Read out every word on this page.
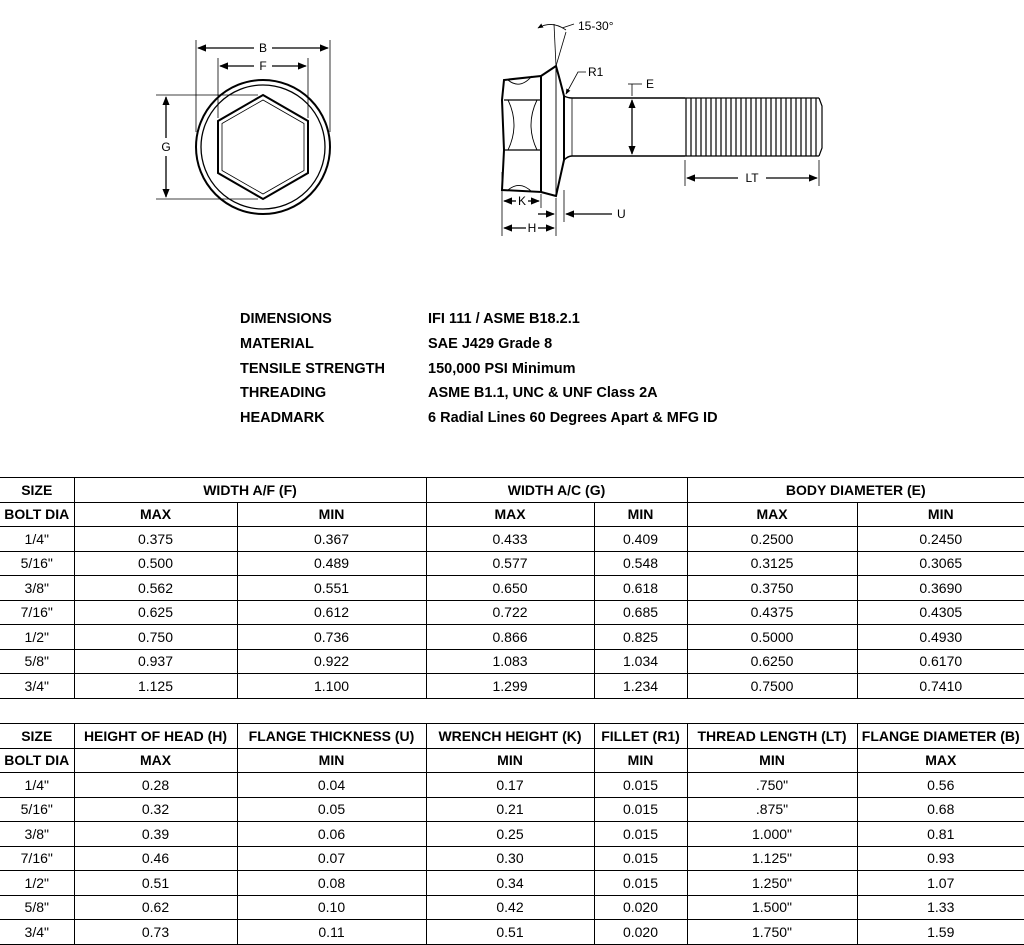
B
F
G
15-30°
R1
E
LT
K
H
U
DIMENSIONS	IFI 111 / ASME B18.2.1
MATERIAL	SAE J429 Grade 8
TENSILE STRENGTH	150,000 PSI Minimum
THREADING	ASME B1.1, UNC & UNF Class 2A
HEADMARK	6 Radial Lines 60 Degrees Apart & MFG ID
SIZE	WIDTH A/F (F)		WIDTH A/C (G)		BODY DIAMETER (E)	
BOLT DIA	MAX	MIN	MAX	MIN	MAX	MIN
1/4"	0.375	0.367	0.433	0.409	0.2500	0.2450
5/16"	0.500	0.489	0.577	0.548	0.3125	0.3065
3/8"	0.562	0.551	0.650	0.618	0.3750	0.3690
7/16"	0.625	0.612	0.722	0.685	0.4375	0.4305
1/2"	0.750	0.736	0.866	0.825	0.5000	0.4930
5/8"	0.937	0.922	1.083	1.034	0.6250	0.6170
3/4"	1.125	1.100	1.299	1.234	0.7500	0.7410
SIZE	HEIGHT OF HEAD (H)	FLANGE THICKNESS (U)	WRENCH HEIGHT (K)	FILLET (R1)	THREAD LENGTH (LT)	FLANGE DIAMETER (B)
BOLT DIA	MAX	MIN	MIN	MIN	MIN	MAX
1/4"	0.28	0.04	0.17	0.015	.750"	0.56
5/16"	0.32	0.05	0.21	0.015	.875"	0.68
3/8"	0.39	0.06	0.25	0.015	1.000"	0.81
7/16"	0.46	0.07	0.30	0.015	1.125"	0.93
1/2"	0.51	0.08	0.34	0.015	1.250"	1.07
5/8"	0.62	0.10	0.42	0.020	1.500"	1.33
3/4"	0.73	0.11	0.51	0.020	1.750"	1.59
